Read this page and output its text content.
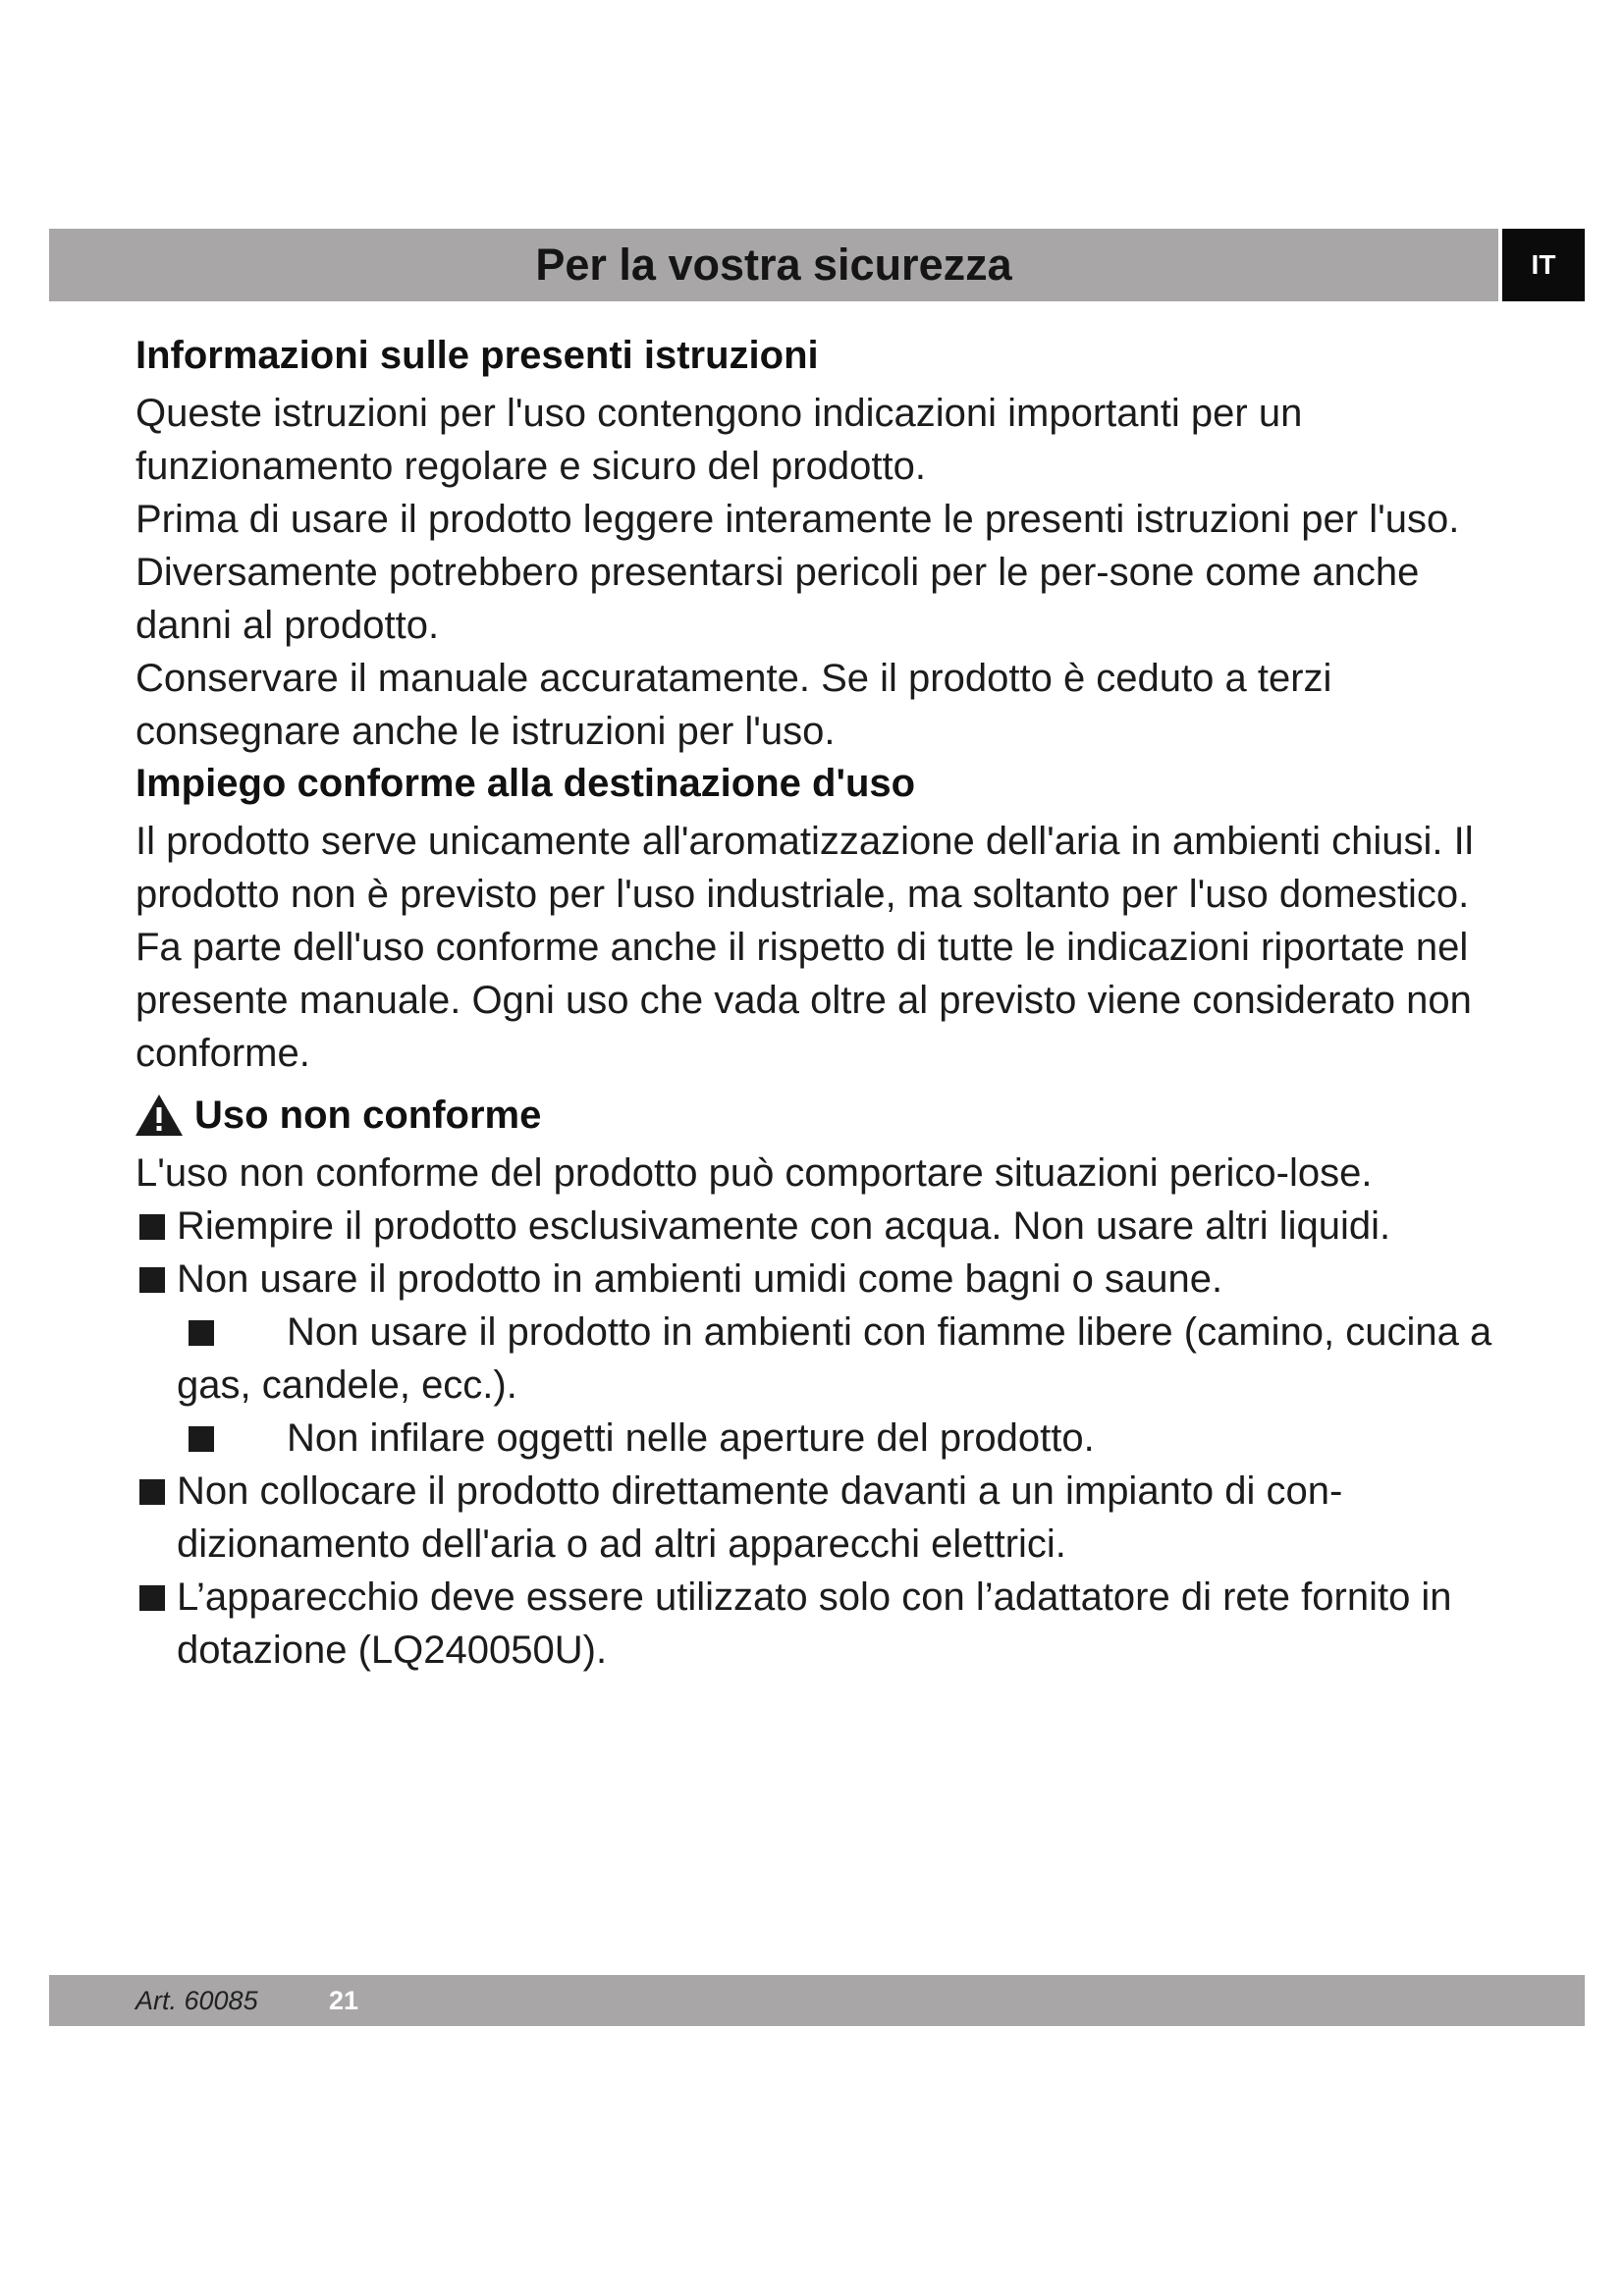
Per la vostra sicurezza	IT
Informazioni sulle presenti istruzioni

Queste istruzioni per l'uso contengono indicazioni importanti per un funzionamento regolare e sicuro del prodotto.

Prima di usare il prodotto leggere interamente le presenti istruzioni per l'uso. Diversamente potrebbero presentarsi pericoli per le per-sone come anche danni al prodotto.

Conservare il manuale accuratamente. Se il prodotto è ceduto a terzi consegnare anche le istruzioni per l'uso.

Impiego conforme alla destinazione d'uso

Il prodotto serve unicamente all'aromatizzazione dell'aria in ambienti chiusi. Il prodotto non è previsto per l'uso industriale, ma soltanto per l'uso domestico.

Fa parte dell'uso conforme anche il rispetto di tutte le indicazioni riportate nel presente manuale. Ogni uso che vada oltre al previsto viene considerato non conforme.

Uso non conforme

L'uso non conforme del prodotto può comportare situazioni perico-lose.

Riempire il prodotto esclusivamente con acqua. Non usare altri liquidi.
Non usare il prodotto in ambienti umidi come bagni o saune.
Non usare il prodotto in ambienti con fiamme libere (camino, cucina a gas, candele, ecc.).
Non infilare oggetti nelle aperture del prodotto.
Non collocare il prodotto direttamente davanti a un impianto di con-dizionamento dell'aria o ad altri apparecchi elettrici.
L’apparecchio deve essere utilizzato solo con l’adattatore di rete fornito in dotazione (LQ240050U).
Art. 60085	21
